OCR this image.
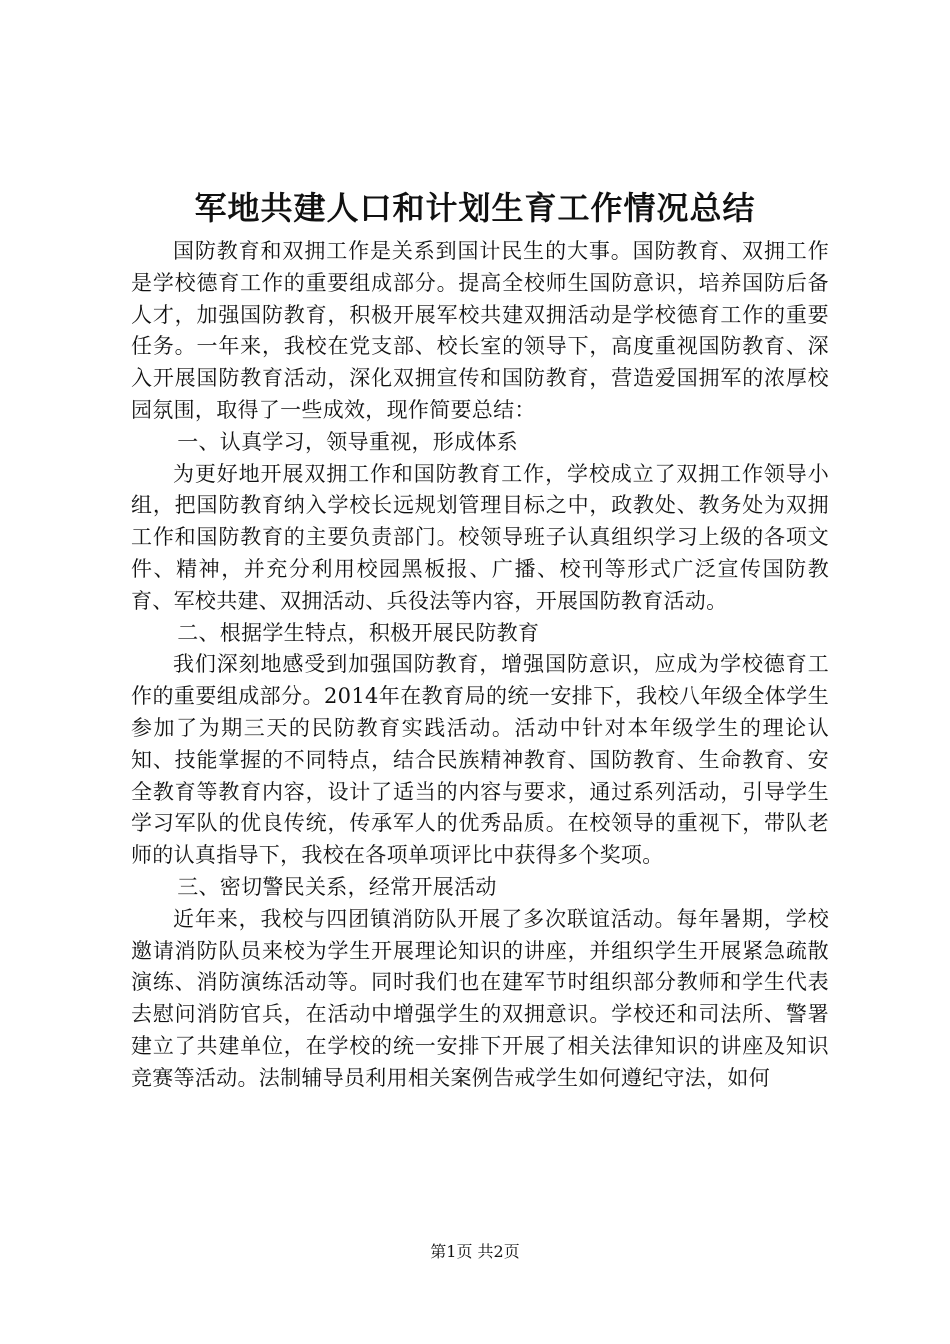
军地共建人口和计划生育工作情况总结

国防教育和双拥工作是关系到国计民生的大事。国防教育、双拥工作是学校德育工作的重要组成部分。提高全校师生国防意识，培养国防后备人才，加强国防教育，积极开展军校共建双拥活动是学校德育工作的重要任务。一年来，我校在党支部、校长室的领导下，高度重视国防教育、深入开展国防教育活动，深化双拥宣传和国防教育，营造爱国拥军的浓厚校园氛围，取得了一些成效，现作简要总结：

一、认真学习，领导重视，形成体系

为更好地开展双拥工作和国防教育工作，学校成立了双拥工作领导小组，把国防教育纳入学校长远规划管理目标之中，政教处、教务处为双拥工作和国防教育的主要负责部门。校领导班子认真组织学习上级的各项文件、精神，并充分利用校园黑板报、广播、校刊等形式广泛宣传国防教育、军校共建、双拥活动、兵役法等内容，开展国防教育活动。

二、根据学生特点，积极开展民防教育

我们深刻地感受到加强国防教育，增强国防意识，应成为学校德育工作的重要组成部分。2014年在教育局的统一安排下，我校八年级全体学生参加了为期三天的民防教育实践活动。活动中针对本年级学生的理论认知、技能掌握的不同特点，结合民族精神教育、国防教育、生命教育、安全教育等教育内容，设计了适当的内容与要求，通过系列活动，引导学生学习军队的优良传统，传承军人的优秀品质。在校领导的重视下，带队老师的认真指导下，我校在各项单项评比中获得多个奖项。

三、密切警民关系，经常开展活动

近年来，我校与四团镇消防队开展了多次联谊活动。每年暑期，学校邀请消防队员来校为学生开展理论知识的讲座，并组织学生开展紧急疏散演练、消防演练活动等。同时我们也在建军节时组织部分教师和学生代表去慰问消防官兵，在活动中增强学生的双拥意识。学校还和司法所、警署建立了共建单位，在学校的统一安排下开展了相关法律知识的讲座及知识竞赛等活动。法制辅导员利用相关案例告戒学生如何遵纪守法，如何

第1页 共2页
